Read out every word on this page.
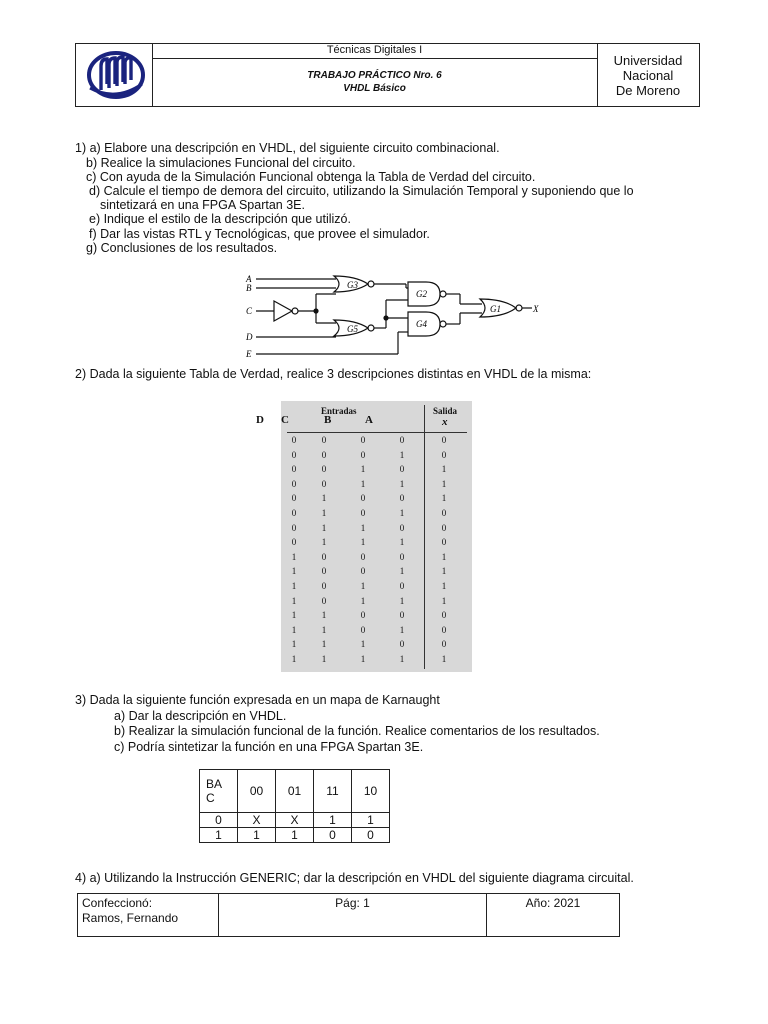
Técnicas Digitales I
TRABAJO PRÁCTICO Nro. 6
VHDL Básico
Universidad
Nacional
De Moreno
1) a) Elabore una descripción en VHDL, del siguiente circuito combinacional.
b) Realice la simulaciones Funcional del circuito.
c) Con ayuda de la Simulación Funcional obtenga la Tabla de Verdad del circuito.
d) Calcule el tiempo de demora del circuito, utilizando la Simulación Temporal y suponiendo que lo
sintetizará en una FPGA Spartan 3E.
e) Indique el estilo de la descripción que utilizó.
f) Dar las vistas RTL y Tecnológicas, que provee el simulador.
g) Conclusiones de los resultados.
A
B
C
D
E
G3
G2
G1
G5	G4
X
2) Dada la siguiente Tabla de Verdad, realice 3 descripciones distintas en VHDL de la misma:
D
Entradas	Salida
C	B	A	x
0	0	0	0	0
0	0	0	1	0
0	0	1	0	1
0	0	1	1	1
0	1	0	0	1
0	1	0	1	0
0	1	1	0	0
0	1	1	1	0
1	0	0	0	1
1	0	0	1	1
1	0	1	0	1
1	0	1	1	1
1	1	0	0	0
1	1	0	1	0
1	1	1	0	0
1	1	1	1	1
3) Dada la siguiente función expresada en un mapa de Karnaught
a) Dar la descripción en VHDL.
b) Realizar la simulación funcional de la función. Realice comentarios de los resultados.
c) Podría sintetizar la función en una FPGA Spartan 3E.
BA
C	00	01	11	10
0	X	X	1	1
1	1	1	0	0
4) a) Utilizando la Instrucción GENERIC; dar la descripción en VHDL del siguiente diagrama circuital.
Confeccionó:
Ramos, Fernando
Pág: 1	Año: 2021
